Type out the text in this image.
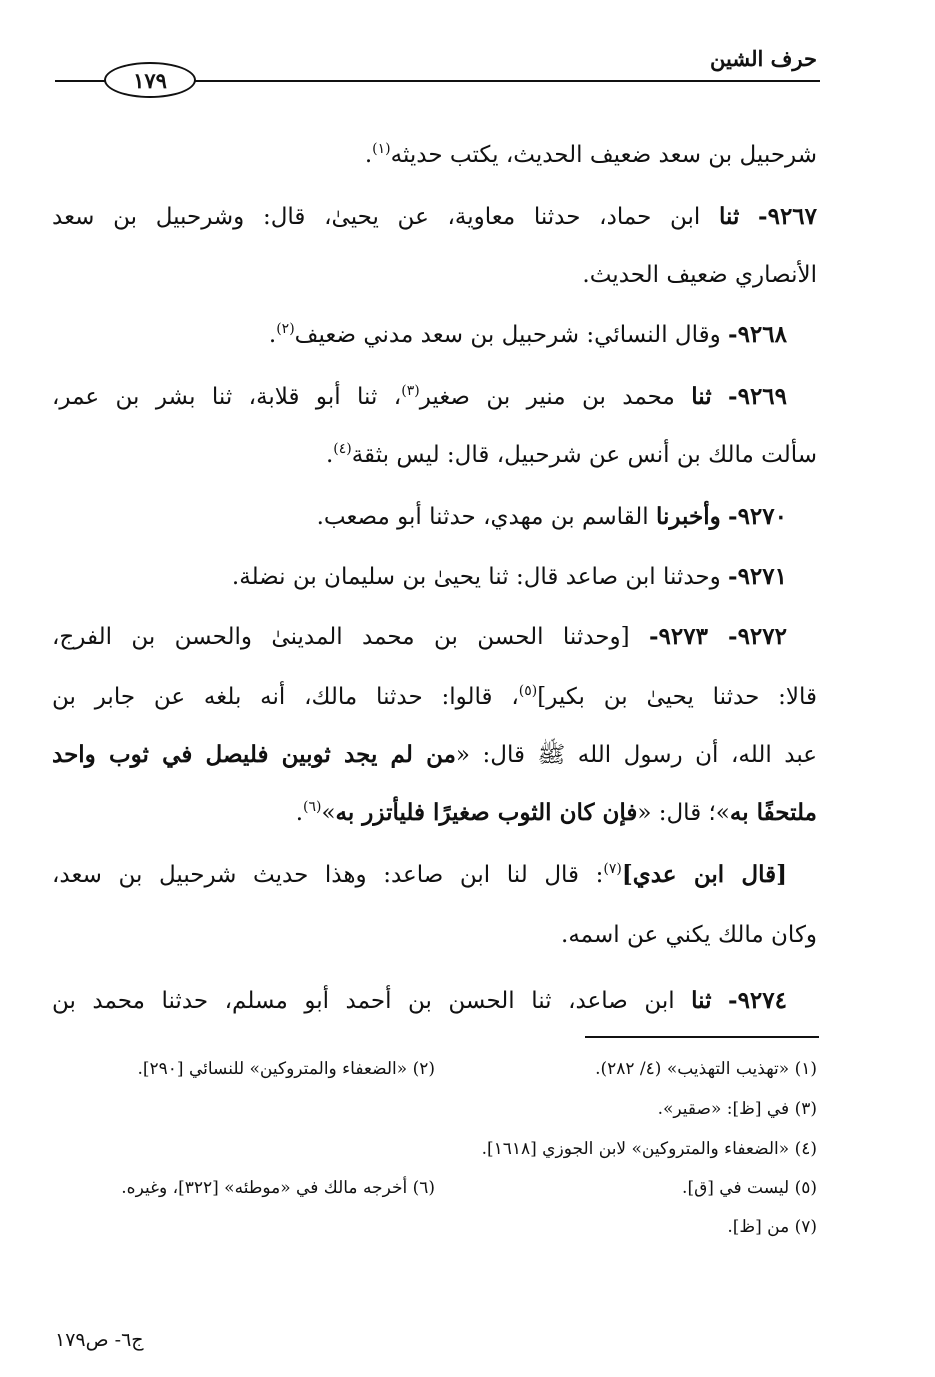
حرف الشين
١٧٩
شرحبيل بن سعد ضعيف الحديث، يكتب حديثه$^{(١)}$.
٩٢٦٧- ثنا ابن حماد، حدثنا معاوية، عن يحيىٰ، قال: وشرحبيل بن سعد
الأنصاري ضعيف الحديث.
٩٢٦٨- وقال النسائي: شرحبيل بن سعد مدني ضعيف$^{(٢)}$.
٩٢٦٩- ثنا محمد بن منير بن صغير$^{(٣)}$، ثنا أبو قلابة، ثنا بشر بن عمر،
سألت مالك بن أنس عن شرحبيل، قال: ليس بثقة$^{(٤)}$.
٩٢٧٠- وأخبرنا القاسم بن مهدي، حدثنا أبو مصعب.
٩٢٧١- وحدثنا ابن صاعد قال: ثنا يحيىٰ بن سليمان بن نضلة.
٩٢٧٢- ٩٢٧٣- [وحدثنا الحسن بن محمد المدينىٰ والحسن بن الفرج،
قالا: حدثنا يحيىٰ بن بكير]$^{(٥)}$، قالوا: حدثنا مالك، أنه بلغه عن جابر بن
عبد الله، أن رسول الله ﷺ قال: «من لم يجد ثوبين فليصل في ثوب واحد
ملتحفًا به»؛ قال: «فإن كان الثوب صغيرًا فليأتزر به»$^{(٦)}$.
[قال ابن عدي]$^{(٧)}$: قال لنا ابن صاعد: وهذا حديث شرحبيل بن سعد،
وكان مالك يكني عن اسمه.
٩٢٧٤- ثنا ابن صاعد، ثنا الحسن بن أحمد أبو مسلم، حدثنا محمد بن
(١) «تهذيب التهذيب» (٤/ ٢٨٢).
(٢) «الضعفاء والمتروكين» للنسائي [٢٩٠].
(٣) في [ظ]: «صقير».
(٤) «الضعفاء والمتروكين» لابن الجوزي [١٦١٨].
(٥) ليست في [ق].
(٦) أخرجه مالك في «موطئه» [٣٢٢]، وغيره.
(٧) من [ظ].
ج٦- ص١٧٩
